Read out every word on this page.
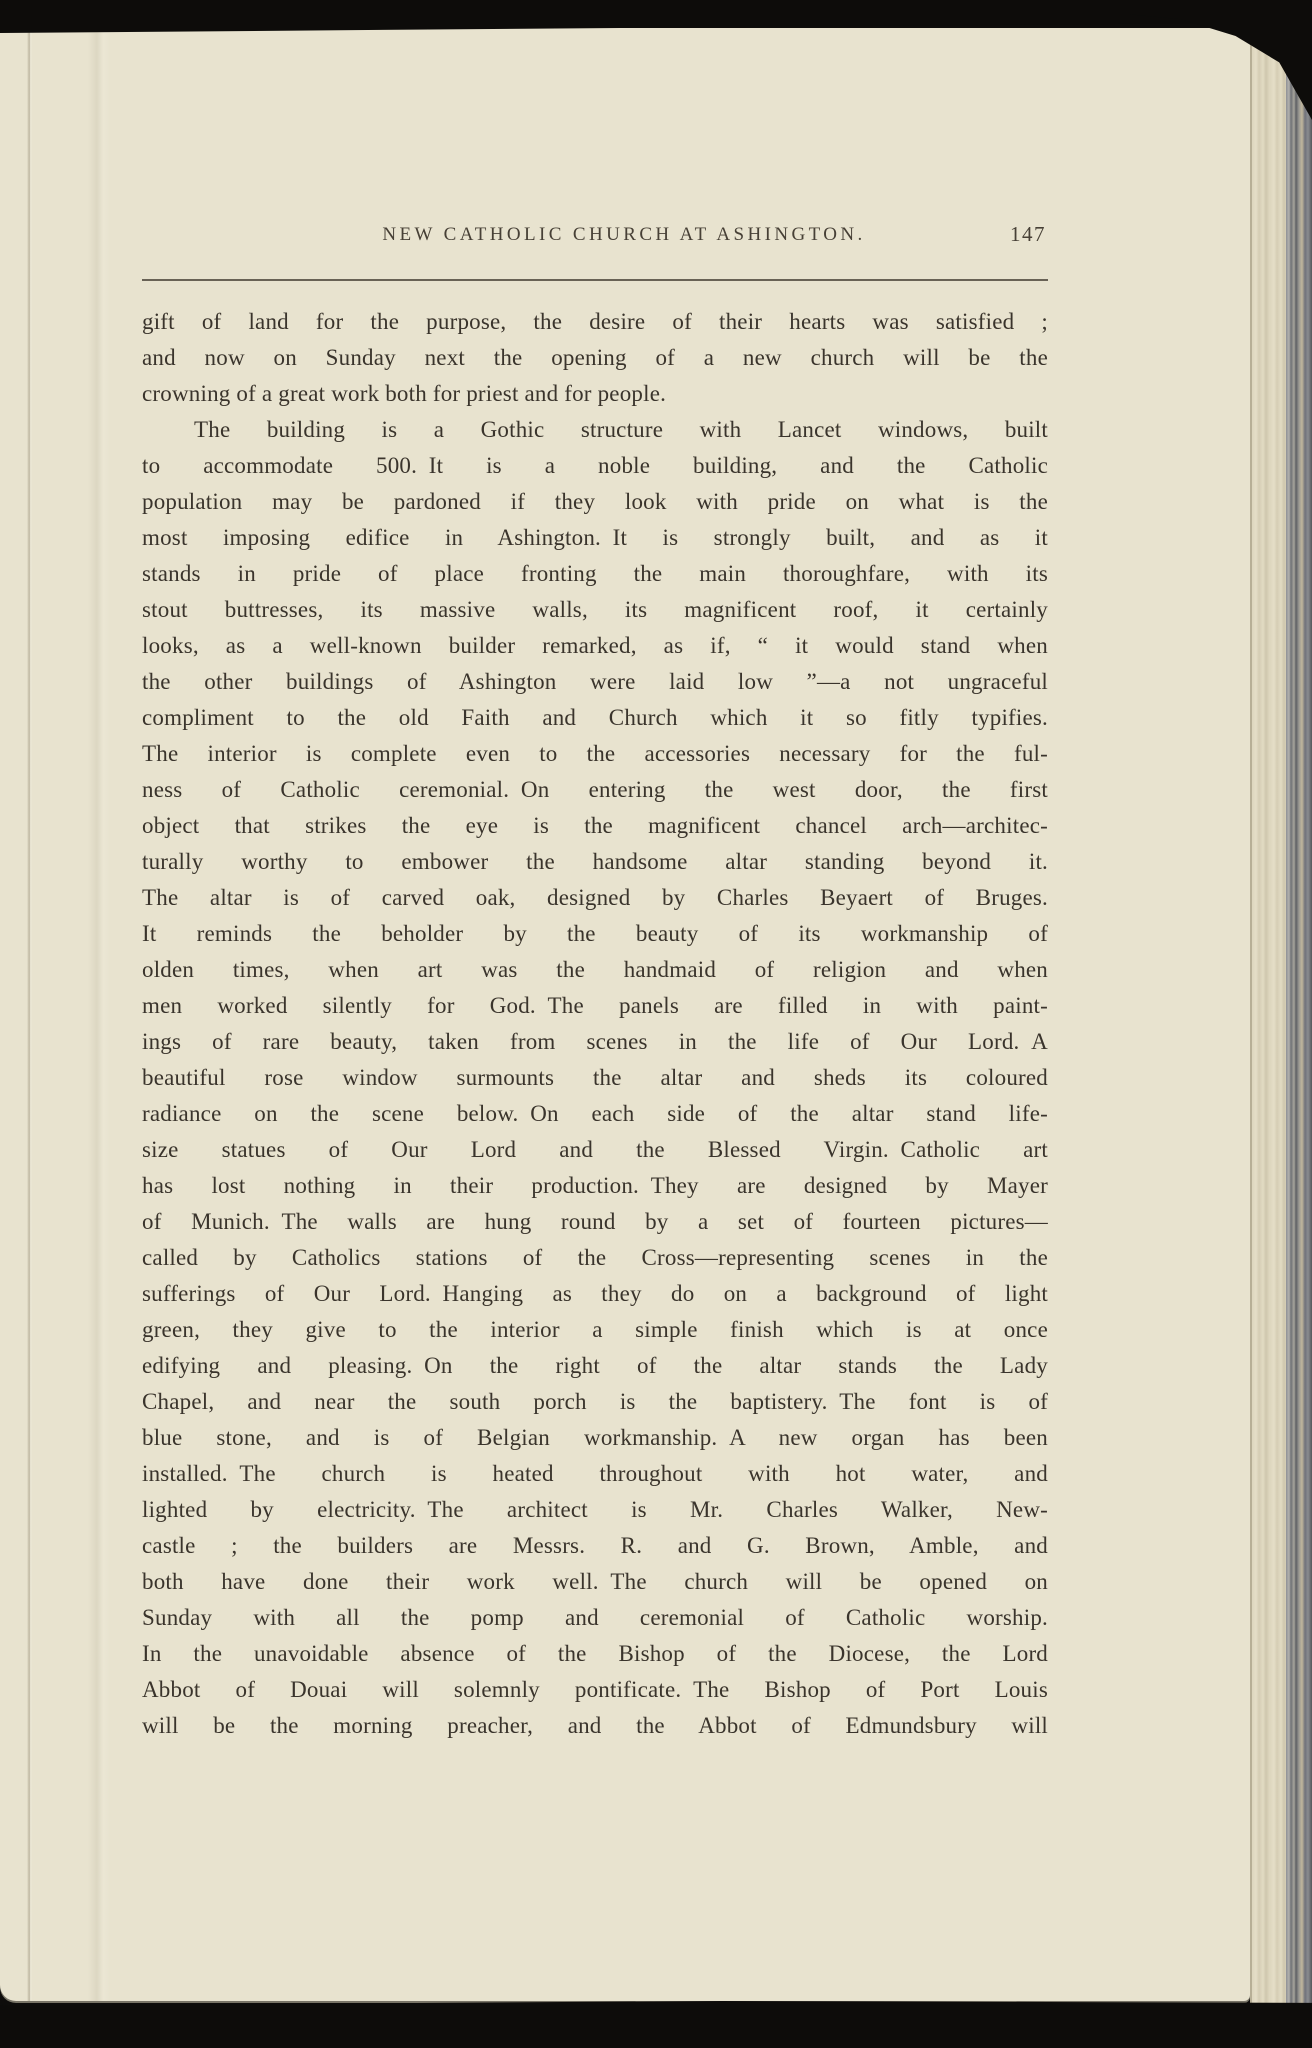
NEW CATHOLIC CHURCH AT ASHINGTON.	147
gift of land for the purpose, the desire of their hearts was satisfied ;
and now on Sunday next the opening of a new church will be the
crowning of a great work both for priest and for people.
The building is a Gothic structure with Lancet windows, built
to accommodate 500. It is a noble building, and the Catholic
population may be pardoned if they look with pride on what is the
most imposing edifice in Ashington. It is strongly built, and as it
stands in pride of place fronting the main thoroughfare, with its
stout buttresses, its massive walls, its magnificent roof, it certainly
looks, as a well-known builder remarked, as if, “ it would stand when
the other buildings of Ashington were laid low ”—a not ungraceful
compliment to the old Faith and Church which it so fitly typifies.
The interior is complete even to the accessories necessary for the ful-
ness of Catholic ceremonial. On entering the west door, the first
object that strikes the eye is the magnificent chancel arch—architec-
turally worthy to embower the handsome altar standing beyond it.
The altar is of carved oak, designed by Charles Beyaert of Bruges.
It reminds the beholder by the beauty of its workmanship of
olden times, when art was the handmaid of religion and when
men worked silently for God. The panels are filled in with paint-
ings of rare beauty, taken from scenes in the life of Our Lord. A
beautiful rose window surmounts the altar and sheds its coloured
radiance on the scene below. On each side of the altar stand life-
size statues of Our Lord and the Blessed Virgin. Catholic art
has lost nothing in their production. They are designed by Mayer
of Munich. The walls are hung round by a set of fourteen pictures—
called by Catholics stations of the Cross—representing scenes in the
sufferings of Our Lord. Hanging as they do on a background of light
green, they give to the interior a simple finish which is at once
edifying and pleasing. On the right of the altar stands the Lady
Chapel, and near the south porch is the baptistery. The font is of
blue stone, and is of Belgian workmanship. A new organ has been
installed. The church is heated throughout with hot water, and
lighted by electricity. The architect is Mr. Charles Walker, New-
castle ; the builders are Messrs. R. and G. Brown, Amble, and
both have done their work well. The church will be opened on
Sunday with all the pomp and ceremonial of Catholic worship.
In the unavoidable absence of the Bishop of the Diocese, the Lord
Abbot of Douai will solemnly pontificate. The Bishop of Port Louis
will be the morning preacher, and the Abbot of Edmundsbury will
